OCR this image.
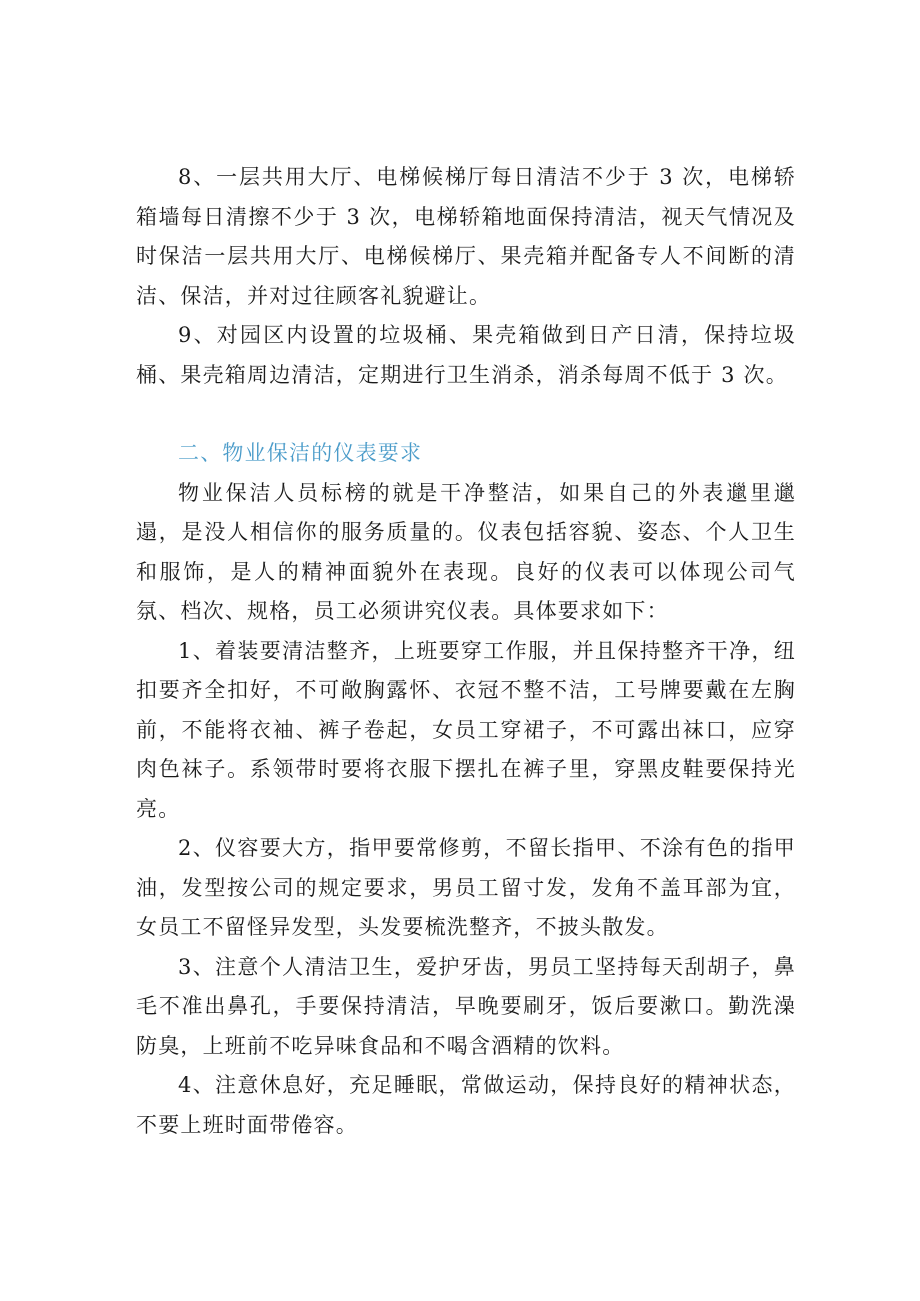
8、一层共用大厅、电梯候梯厅每日清洁不少于 3 次，电梯轿箱墙每日清擦不少于 3 次，电梯轿箱地面保持清洁，视天气情况及时保洁一层共用大厅、电梯候梯厅、果壳箱并配备专人不间断的清洁、保洁，并对过往顾客礼貌避让。

9、对园区内设置的垃圾桶、果壳箱做到日产日清，保持垃圾桶、果壳箱周边清洁，定期进行卫生消杀，消杀每周不低于 3 次。

二、物业保洁的仪表要求

物业保洁人员标榜的就是干净整洁，如果自己的外表邋里邋遢，是没人相信你的服务质量的。仪表包括容貌、姿态、个人卫生和服饰，是人的精神面貌外在表现。良好的仪表可以体现公司气氛、档次、规格，员工必须讲究仪表。具体要求如下：

1、着装要清洁整齐，上班要穿工作服，并且保持整齐干净，纽扣要齐全扣好，不可敞胸露怀、衣冠不整不洁，工号牌要戴在左胸前，不能将衣袖、裤子卷起，女员工穿裙子，不可露出袜口，应穿肉色袜子。系领带时要将衣服下摆扎在裤子里，穿黑皮鞋要保持光亮。

2、仪容要大方，指甲要常修剪，不留长指甲、不涂有色的指甲油，发型按公司的规定要求，男员工留寸发，发角不盖耳部为宜，女员工不留怪异发型，头发要梳洗整齐，不披头散发。

3、注意个人清洁卫生，爱护牙齿，男员工坚持每天刮胡子，鼻毛不准出鼻孔，手要保持清洁，早晚要刷牙，饭后要漱口。勤洗澡防臭，上班前不吃异味食品和不喝含酒精的饮料。

4、注意休息好，充足睡眠，常做运动，保持良好的精神状态，不要上班时面带倦容。
